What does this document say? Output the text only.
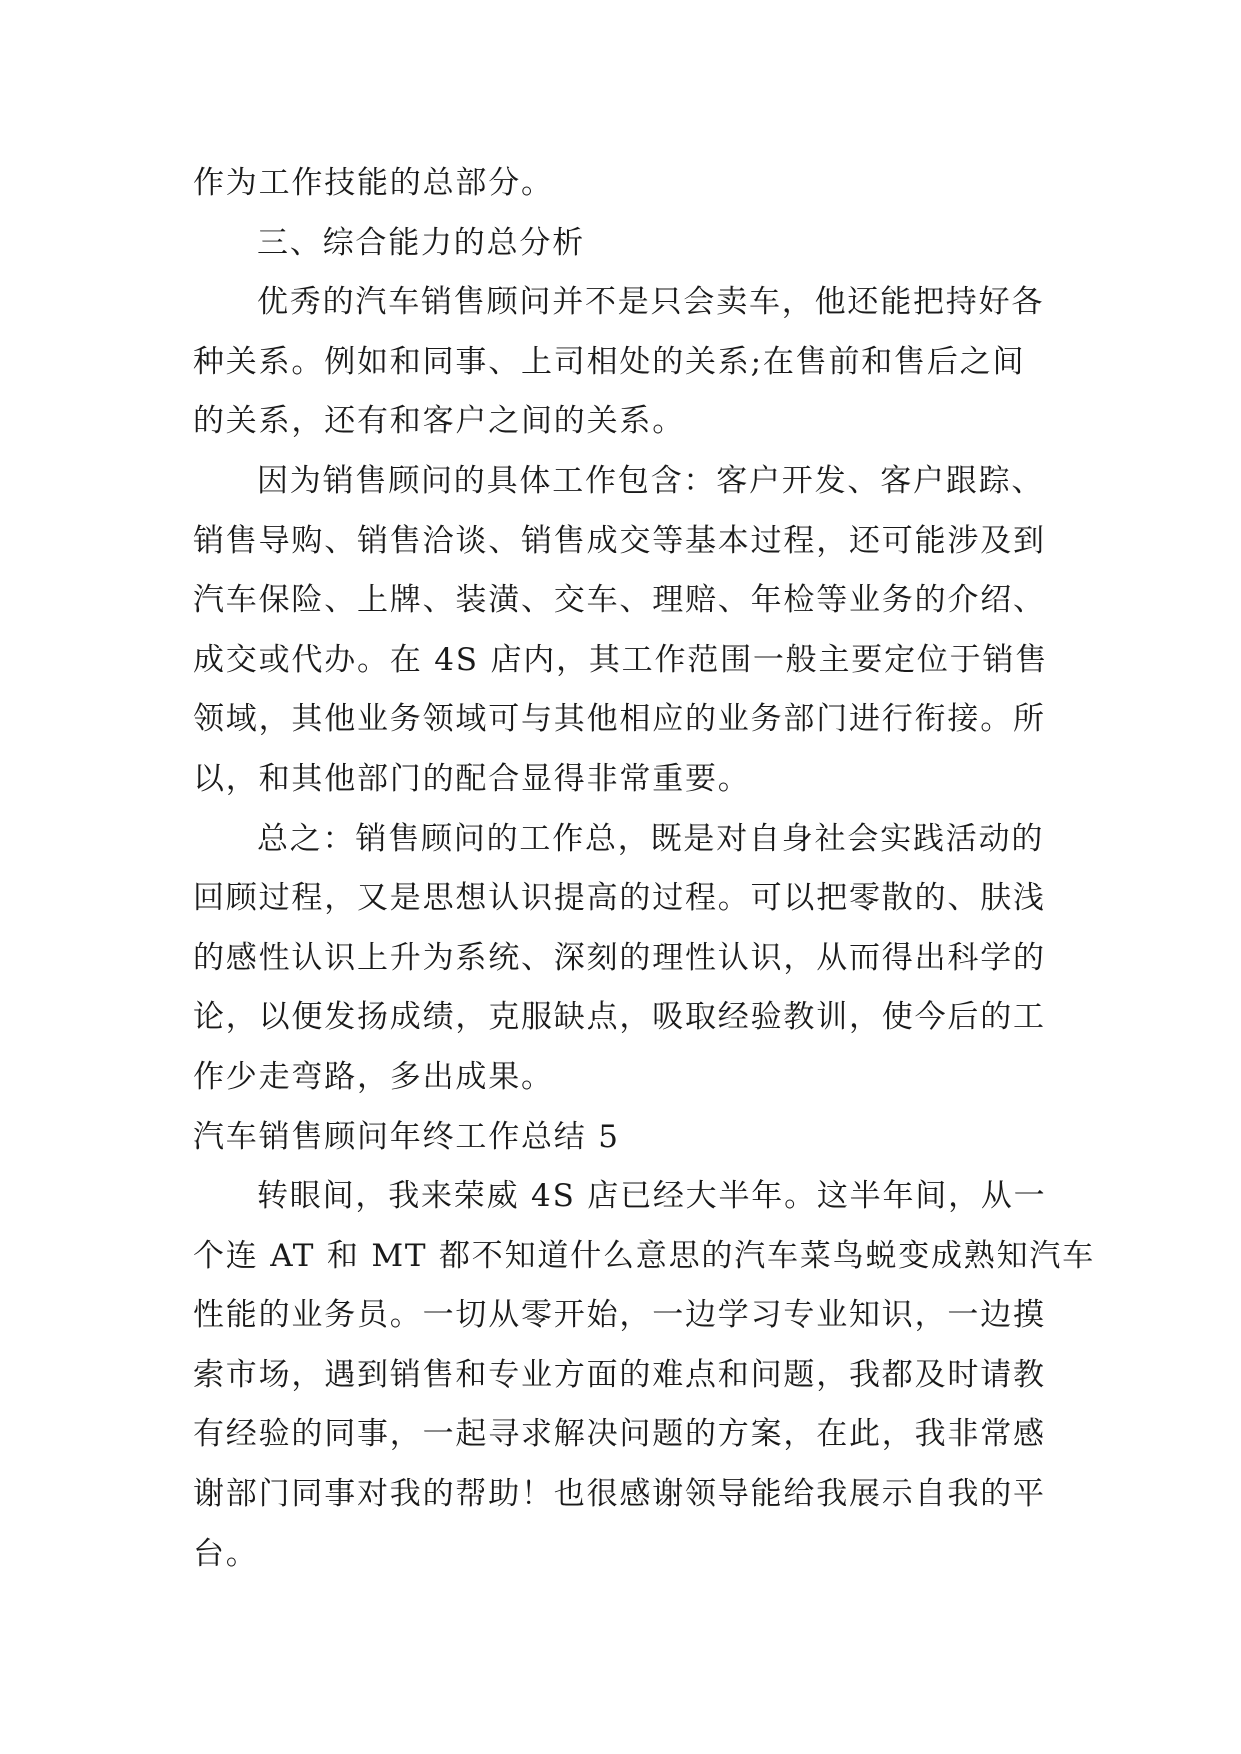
作为工作技能的总部分。
三、综合能力的总分析
优秀的汽车销售顾问并不是只会卖车，他还能把持好各
种关系。例如和同事、上司相处的关系;在售前和售后之间
的关系，还有和客户之间的关系。
因为销售顾问的具体工作包含：客户开发、客户跟踪、
销售导购、销售洽谈、销售成交等基本过程，还可能涉及到
汽车保险、上牌、装潢、交车、理赔、年检等业务的介绍、
成交或代办。在 4S 店内，其工作范围一般主要定位于销售
领域，其他业务领域可与其他相应的业务部门进行衔接。所
以，和其他部门的配合显得非常重要。
总之：销售顾问的工作总，既是对自身社会实践活动的
回顾过程，又是思想认识提高的过程。可以把零散的、肤浅
的感性认识上升为系统、深刻的理性认识，从而得出科学的
论，以便发扬成绩，克服缺点，吸取经验教训，使今后的工
作少走弯路，多出成果。
汽车销售顾问年终工作总结 5
转眼间，我来荣威 4S 店已经大半年。这半年间，从一
个连 AT 和 MT 都不知道什么意思的汽车菜鸟蜕变成熟知汽车
性能的业务员。一切从零开始，一边学习专业知识，一边摸
索市场，遇到销售和专业方面的难点和问题，我都及时请教
有经验的同事，一起寻求解决问题的方案，在此，我非常感
谢部门同事对我的帮助！也很感谢领导能给我展示自我的平
台。
